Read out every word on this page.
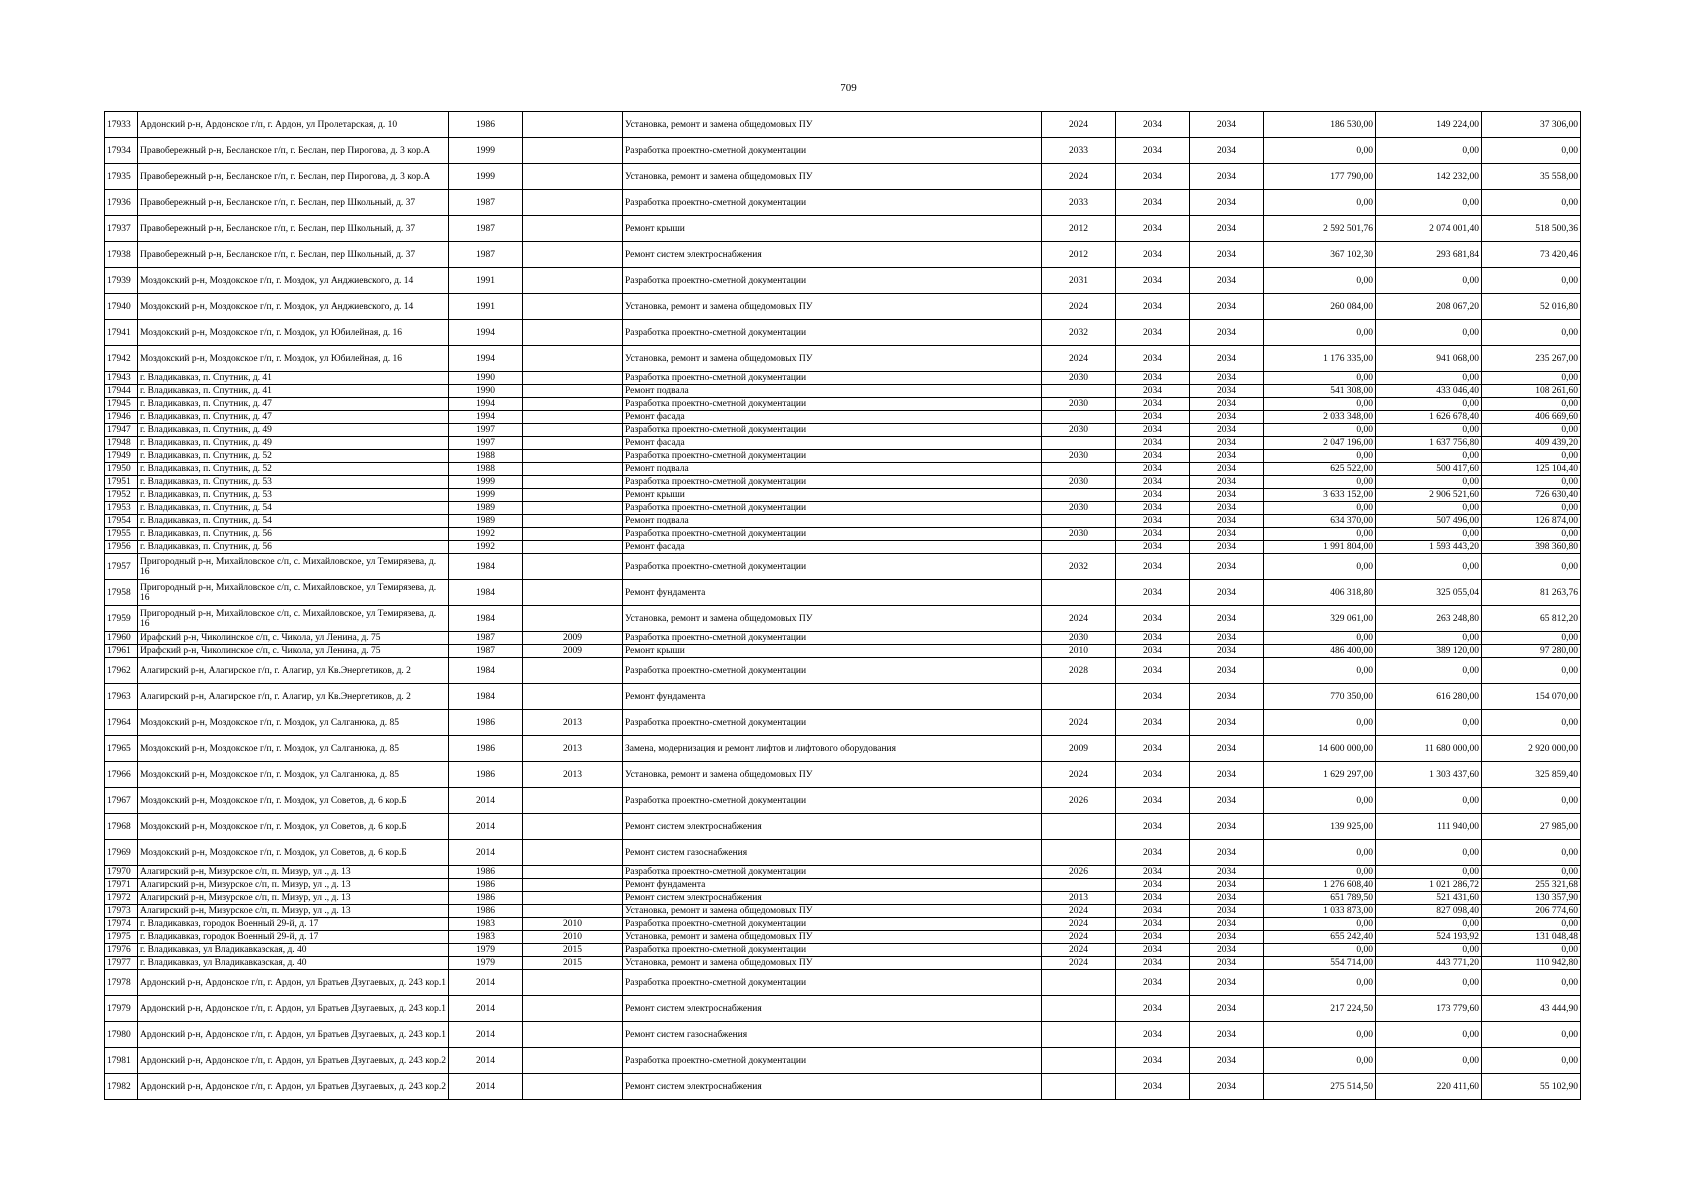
709
17933	Ардонский р-н, Ардонское г/п, г. Ардон, ул Пролетарская, д. 10	1986		Установка, ремонт и замена общедомовых ПУ	2024	2034	2034	186 530,00	149 224,00	37 306,00
17934	Правобережный р-н, Бесланское г/п, г. Беслан, пер Пирогова, д. 3 кор.А	1999		Разработка проектно-сметной документации	2033	2034	2034	0,00	0,00	0,00
17935	Правобережный р-н, Бесланское г/п, г. Беслан, пер Пирогова, д. 3 кор.А	1999		Установка, ремонт и замена общедомовых ПУ	2024	2034	2034	177 790,00	142 232,00	35 558,00
17936	Правобережный р-н, Бесланское г/п, г. Беслан, пер Школьный, д. 37	1987		Разработка проектно-сметной документации	2033	2034	2034	0,00	0,00	0,00
17937	Правобережный р-н, Бесланское г/п, г. Беслан, пер Школьный, д. 37	1987		Ремонт крыши	2012	2034	2034	2 592 501,76	2 074 001,40	518 500,36
17938	Правобережный р-н, Бесланское г/п, г. Беслан, пер Школьный, д. 37	1987		Ремонт систем электроснабжения	2012	2034	2034	367 102,30	293 681,84	73 420,46
17939	Моздокский р-н, Моздокское г/п, г. Моздок, ул Анджиевского, д. 14	1991		Разработка проектно-сметной документации	2031	2034	2034	0,00	0,00	0,00
17940	Моздокский р-н, Моздокское г/п, г. Моздок, ул Анджиевского, д. 14	1991		Установка, ремонт и замена общедомовых ПУ	2024	2034	2034	260 084,00	208 067,20	52 016,80
17941	Моздокский р-н, Моздокское г/п, г. Моздок, ул Юбилейная, д. 16	1994		Разработка проектно-сметной документации	2032	2034	2034	0,00	0,00	0,00
17942	Моздокский р-н, Моздокское г/п, г. Моздок, ул Юбилейная, д. 16	1994		Установка, ремонт и замена общедомовых ПУ	2024	2034	2034	1 176 335,00	941 068,00	235 267,00
17943	г. Владикавказ, п. Спутник, д. 41	1990		Разработка проектно-сметной документации	2030	2034	2034	0,00	0,00	0,00
17944	г. Владикавказ, п. Спутник, д. 41	1990		Ремонт подвала		2034	2034	541 308,00	433 046,40	108 261,60
17945	г. Владикавказ, п. Спутник, д. 47	1994		Разработка проектно-сметной документации	2030	2034	2034	0,00	0,00	0,00
17946	г. Владикавказ, п. Спутник, д. 47	1994		Ремонт фасада		2034	2034	2 033 348,00	1 626 678,40	406 669,60
17947	г. Владикавказ, п. Спутник, д. 49	1997		Разработка проектно-сметной документации	2030	2034	2034	0,00	0,00	0,00
17948	г. Владикавказ, п. Спутник, д. 49	1997		Ремонт фасада		2034	2034	2 047 196,00	1 637 756,80	409 439,20
17949	г. Владикавказ, п. Спутник, д. 52	1988		Разработка проектно-сметной документации	2030	2034	2034	0,00	0,00	0,00
17950	г. Владикавказ, п. Спутник, д. 52	1988		Ремонт подвала		2034	2034	625 522,00	500 417,60	125 104,40
17951	г. Владикавказ, п. Спутник, д. 53	1999		Разработка проектно-сметной документации	2030	2034	2034	0,00	0,00	0,00
17952	г. Владикавказ, п. Спутник, д. 53	1999		Ремонт крыши		2034	2034	3 633 152,00	2 906 521,60	726 630,40
17953	г. Владикавказ, п. Спутник, д. 54	1989		Разработка проектно-сметной документации	2030	2034	2034	0,00	0,00	0,00
17954	г. Владикавказ, п. Спутник, д. 54	1989		Ремонт подвала		2034	2034	634 370,00	507 496,00	126 874,00
17955	г. Владикавказ, п. Спутник, д. 56	1992		Разработка проектно-сметной документации	2030	2034	2034	0,00	0,00	0,00
17956	г. Владикавказ, п. Спутник, д. 56	1992		Ремонт фасада		2034	2034	1 991 804,00	1 593 443,20	398 360,80
17957	Пригородный р-н, Михайловское с/п, с. Михайловское, ул Темирязева, д. 16	1984		Разработка проектно-сметной документации	2032	2034	2034	0,00	0,00	0,00
17958	Пригородный р-н, Михайловское с/п, с. Михайловское, ул Темирязева, д. 16	1984		Ремонт фундамента		2034	2034	406 318,80	325 055,04	81 263,76
17959	Пригородный р-н, Михайловское с/п, с. Михайловское, ул Темирязева, д. 16	1984		Установка, ремонт и замена общедомовых ПУ	2024	2034	2034	329 061,00	263 248,80	65 812,20
17960	Ирафский р-н, Чиколинское с/п, с. Чикола, ул Ленина, д. 75	1987	2009	Разработка проектно-сметной документации	2030	2034	2034	0,00	0,00	0,00
17961	Ирафский р-н, Чиколинское с/п, с. Чикола, ул Ленина, д. 75	1987	2009	Ремонт крыши	2010	2034	2034	486 400,00	389 120,00	97 280,00
17962	Алагирский р-н, Алагирское г/п, г. Алагир, ул Кв.Энергетиков, д. 2	1984		Разработка проектно-сметной документации	2028	2034	2034	0,00	0,00	0,00
17963	Алагирский р-н, Алагирское г/п, г. Алагир, ул Кв.Энергетиков, д. 2	1984		Ремонт фундамента		2034	2034	770 350,00	616 280,00	154 070,00
17964	Моздокский р-н, Моздокское г/п, г. Моздок, ул Салганюка, д. 85	1986	2013	Разработка проектно-сметной документации	2024	2034	2034	0,00	0,00	0,00
17965	Моздокский р-н, Моздокское г/п, г. Моздок, ул Салганюка, д. 85	1986	2013	Замена, модернизация и ремонт лифтов и лифтового оборудования	2009	2034	2034	14 600 000,00	11 680 000,00	2 920 000,00
17966	Моздокский р-н, Моздокское г/п, г. Моздок, ул Салганюка, д. 85	1986	2013	Установка, ремонт и замена общедомовых ПУ	2024	2034	2034	1 629 297,00	1 303 437,60	325 859,40
17967	Моздокский р-н, Моздокское г/п, г. Моздок, ул Советов, д. 6 кор.Б	2014		Разработка проектно-сметной документации	2026	2034	2034	0,00	0,00	0,00
17968	Моздокский р-н, Моздокское г/п, г. Моздок, ул Советов, д. 6 кор.Б	2014		Ремонт систем электроснабжения		2034	2034	139 925,00	111 940,00	27 985,00
17969	Моздокский р-н, Моздокское г/п, г. Моздок, ул Советов, д. 6 кор.Б	2014		Ремонт систем газоснабжения		2034	2034	0,00	0,00	0,00
17970	Алагирский р-н, Мизурское с/п, п. Мизур, ул ., д. 13	1986		Разработка проектно-сметной документации	2026	2034	2034	0,00	0,00	0,00
17971	Алагирский р-н, Мизурское с/п, п. Мизур, ул ., д. 13	1986		Ремонт фундамента		2034	2034	1 276 608,40	1 021 286,72	255 321,68
17972	Алагирский р-н, Мизурское с/п, п. Мизур, ул ., д. 13	1986		Ремонт систем электроснабжения	2013	2034	2034	651 789,50	521 431,60	130 357,90
17973	Алагирский р-н, Мизурское с/п, п. Мизур, ул ., д. 13	1986		Установка, ремонт и замена общедомовых ПУ	2024	2034	2034	1 033 873,00	827 098,40	206 774,60
17974	г. Владикавказ, городок Военный 29-й, д. 17	1983	2010	Разработка проектно-сметной документации	2024	2034	2034	0,00	0,00	0,00
17975	г. Владикавказ, городок Военный 29-й, д. 17	1983	2010	Установка, ремонт и замена общедомовых ПУ	2024	2034	2034	655 242,40	524 193,92	131 048,48
17976	г. Владикавказ, ул Владикавказская, д. 40	1979	2015	Разработка проектно-сметной документации	2024	2034	2034	0,00	0,00	0,00
17977	г. Владикавказ, ул Владикавказская, д. 40	1979	2015	Установка, ремонт и замена общедомовых ПУ	2024	2034	2034	554 714,00	443 771,20	110 942,80
17978	Ардонский р-н, Ардонское г/п, г. Ардон, ул Братьев Дзугаевых, д. 243 кор.1	2014		Разработка проектно-сметной документации		2034	2034	0,00	0,00	0,00
17979	Ардонский р-н, Ардонское г/п, г. Ардон, ул Братьев Дзугаевых, д. 243 кор.1	2014		Ремонт систем электроснабжения		2034	2034	217 224,50	173 779,60	43 444,90
17980	Ардонский р-н, Ардонское г/п, г. Ардон, ул Братьев Дзугаевых, д. 243 кор.1	2014		Ремонт систем газоснабжения		2034	2034	0,00	0,00	0,00
17981	Ардонский р-н, Ардонское г/п, г. Ардон, ул Братьев Дзугаевых, д. 243 кор.2	2014		Разработка проектно-сметной документации		2034	2034	0,00	0,00	0,00
17982	Ардонский р-н, Ардонское г/п, г. Ардон, ул Братьев Дзугаевых, д. 243 кор.2	2014		Ремонт систем электроснабжения		2034	2034	275 514,50	220 411,60	55 102,90
